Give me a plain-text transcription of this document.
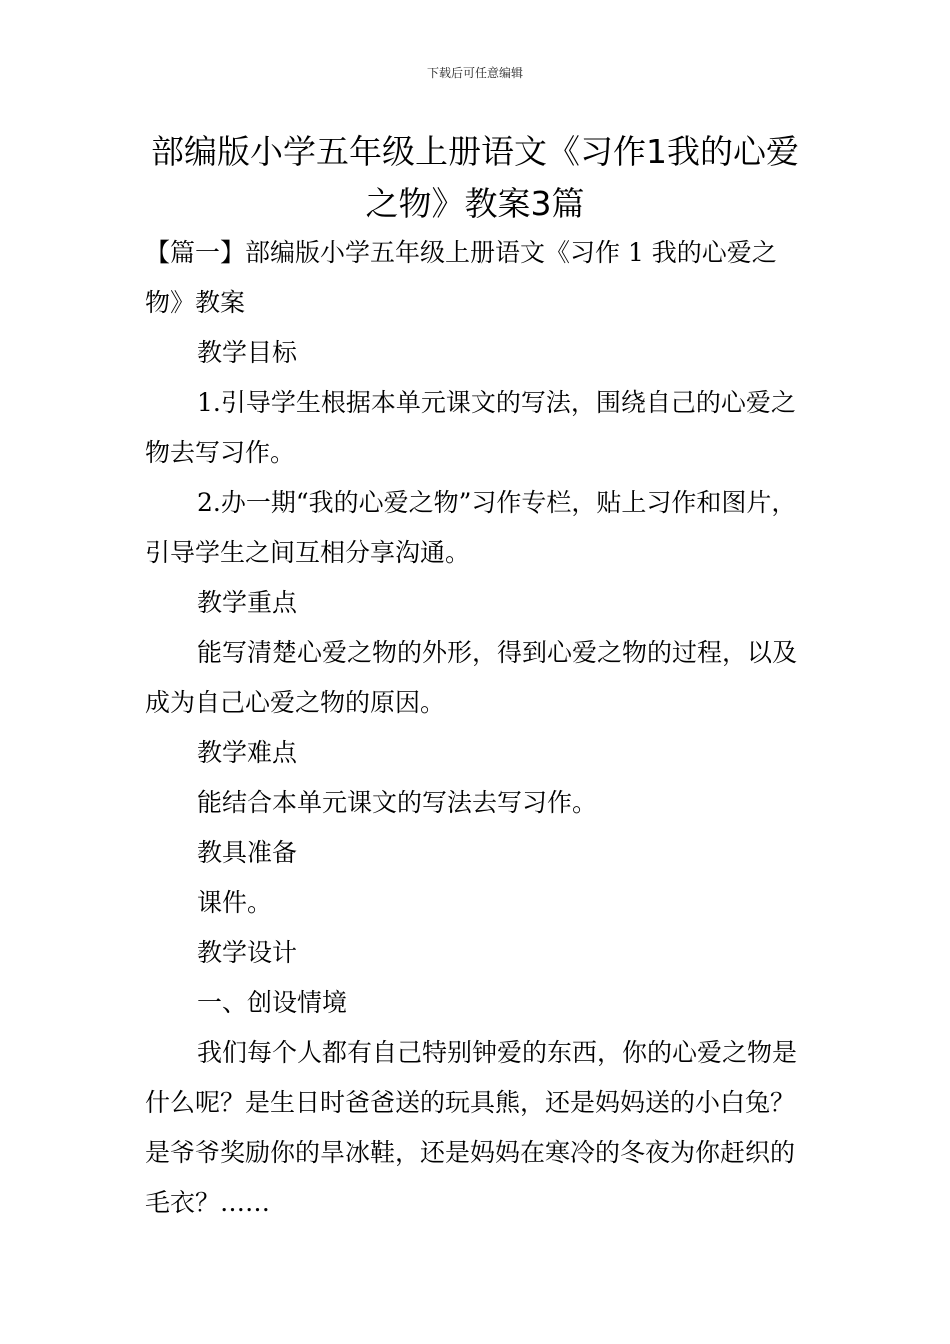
下载后可任意编辑
部编版小学五年级上册语文《习作1我的心爱之物》教案3篇

【篇一】部编版小学五年级上册语文《习作 1 我的心爱之物》教案

教学目标

1.引导学生根据本单元课文的写法，围绕自己的心爱之物去写习作。

2.办一期“我的心爱之物”习作专栏，贴上习作和图片，引导学生之间互相分享沟通。

教学重点

能写清楚心爱之物的外形，得到心爱之物的过程，以及成为自己心爱之物的原因。

教学难点

能结合本单元课文的写法去写习作。

教具准备

课件。

教学设计

一、创设情境

我们每个人都有自己特别钟爱的东西，你的心爱之物是什么呢？是生日时爸爸送的玩具熊，还是妈妈送的小白兔？是爷爷奖励你的旱冰鞋，还是妈妈在寒冷的冬夜为你赶织的毛衣？……
